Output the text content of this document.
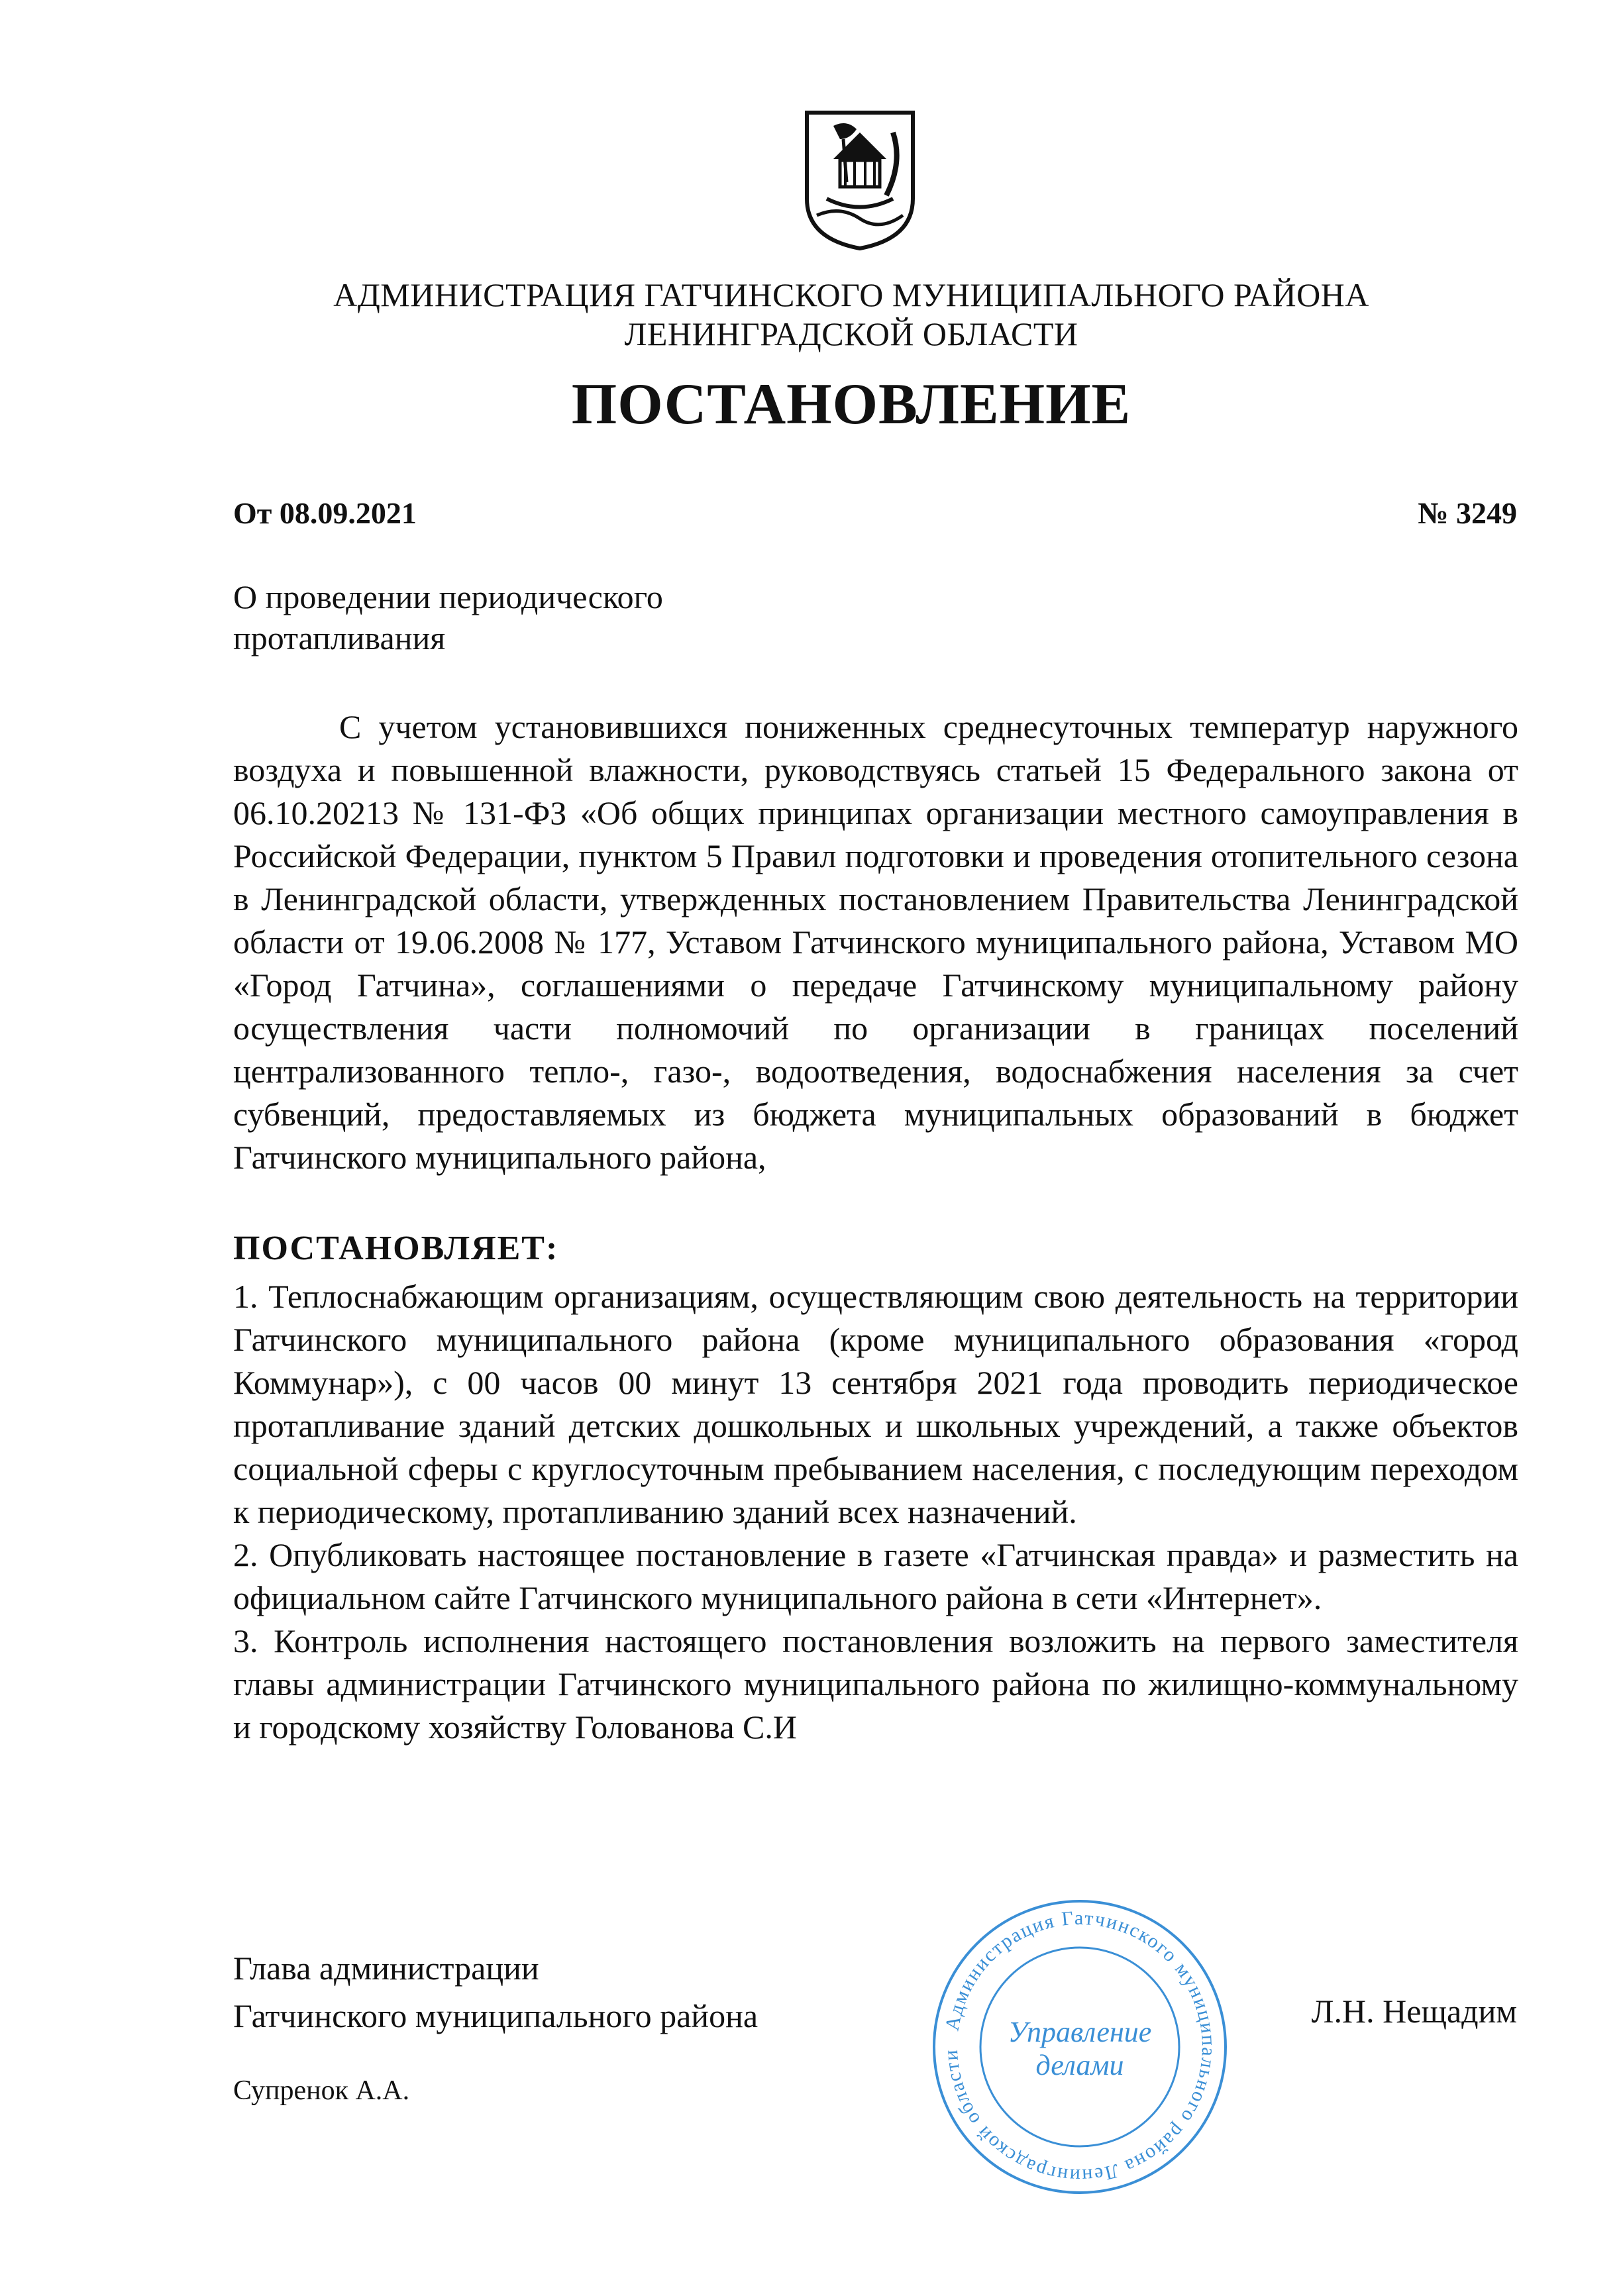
АДМИНИСТРАЦИЯ ГАТЧИНСКОГО МУНИЦИПАЛЬНОГО РАЙОНА
ЛЕНИНГРАДСКОЙ ОБЛАСТИ
ПОСТАНОВЛЕНИЕ
От 08.09.2021	№ 3249
О проведении периодического
протапливания
С учетом установившихся пониженных среднесуточных температур наружного воздуха и повышенной влажности, руководствуясь статьей 15 Федерального закона от 06.10.20213 № 131-ФЗ «Об общих принципах организации местного самоуправления в Российской Федерации, пунктом 5 Правил подготовки и проведения отопительного сезона в Ленинградской области, утвержденных постановлением Правительства Ленинградской области от 19.06.2008 № 177, Уставом Гатчинского муниципального района, Уставом МО «Город Гатчина», соглашениями о передаче Гатчинскому муниципальному району осуществления части полномочий по организации в границах поселений централизованного тепло-, газо-, водоотведения, водоснабжения населения за счет субвенций, предоставляемых из бюджета муниципальных образований в бюджет Гатчинского муниципального района,
ПОСТАНОВЛЯЕТ:

1. Теплоснабжающим организациям, осуществляющим свою деятельность на территории Гатчинского муниципального района (кроме муниципального образования «город Коммунар»), с 00 часов 00 минут 13 сентября 2021 года проводить периодическое протапливание зданий детских дошкольных и школьных учреждений, а также объектов социальной сферы с круглосуточным пребыванием населения, с последующим переходом к периодическому, протапливанию зданий всех назначений.

2. Опубликовать настоящее постановление в газете «Гатчинская правда» и разместить на официальном сайте Гатчинского муниципального района в сети «Интернет».

3. Контроль исполнения настоящего постановления возложить на первого заместителя главы администрации Гатчинского муниципального района по жилищно-коммунальному и городскому хозяйству Голованова С.И

Глава администрации
Гатчинского муниципального района	Администрация Гатчинского муниципального района Ленинградской области
Управление
делами
Л.Н. Нещадим
Супренок А.А.
